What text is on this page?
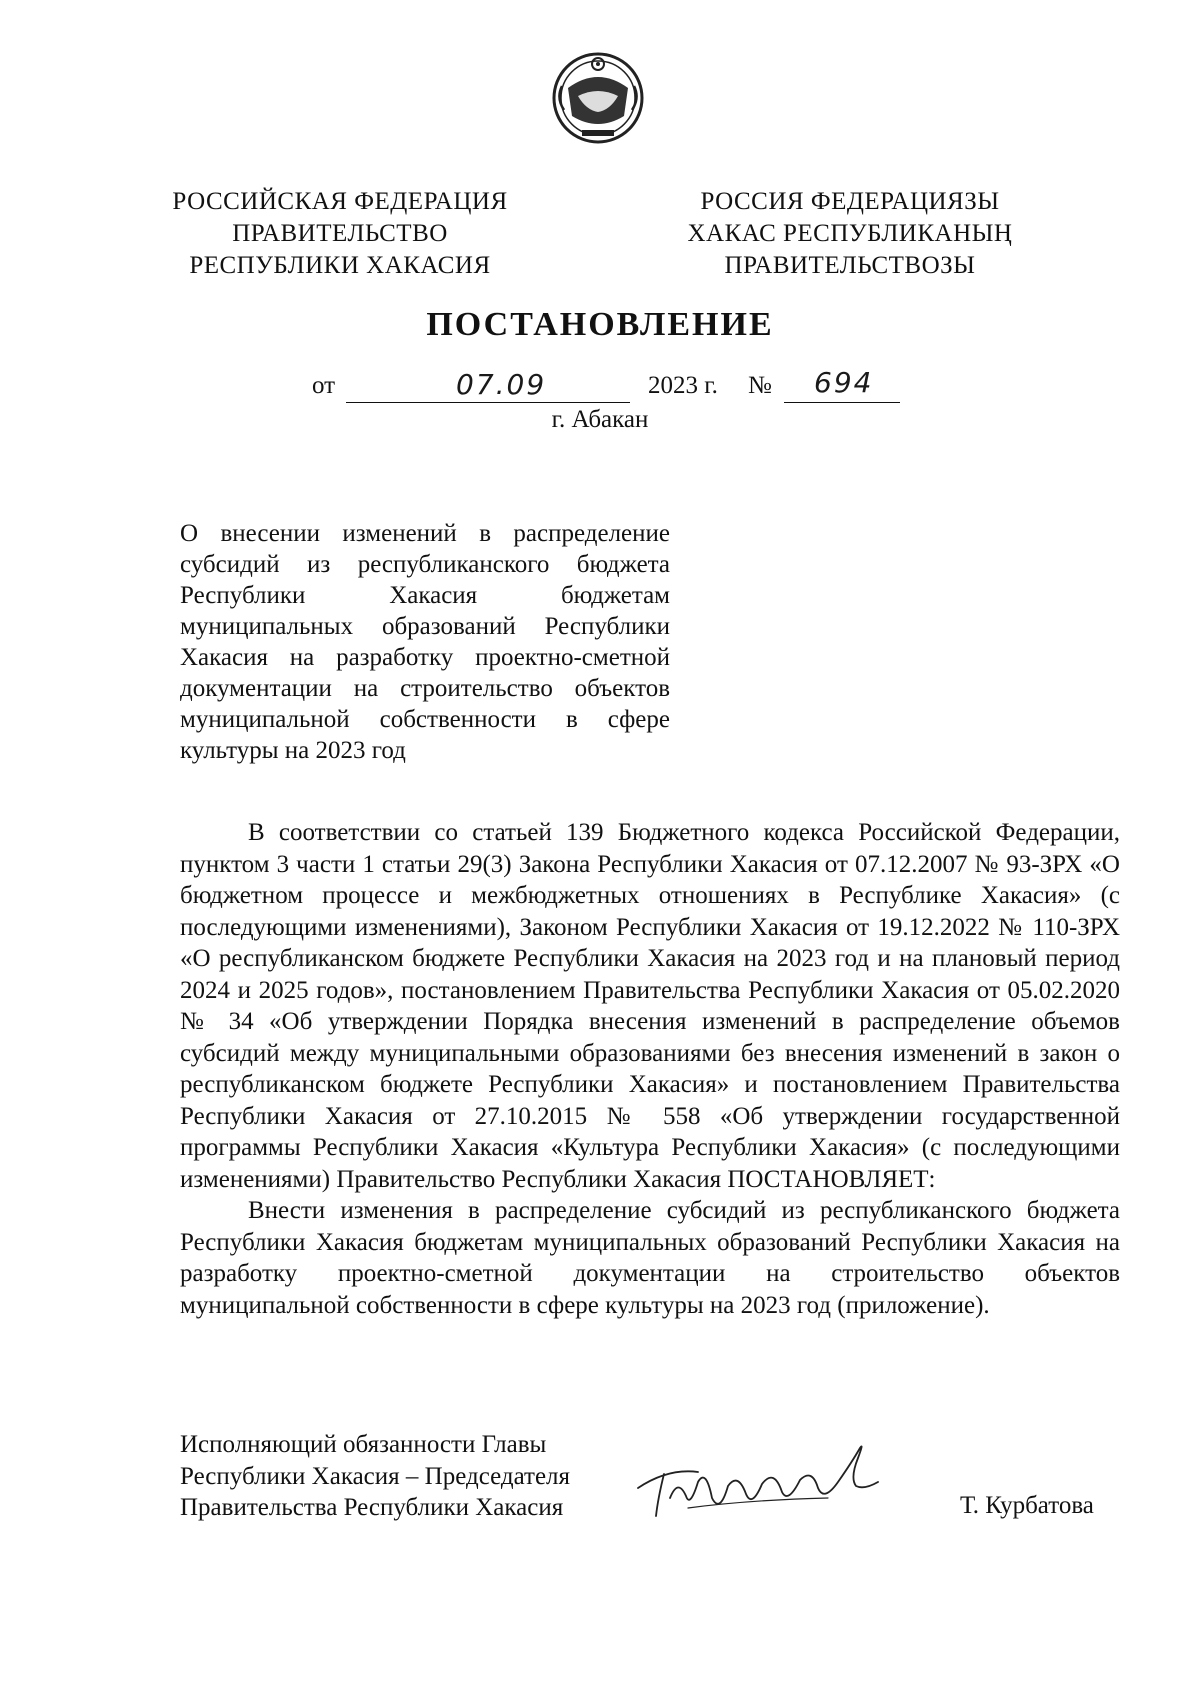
РОССИЙСКАЯ ФЕДЕРАЦИЯ
ПРАВИТЕЛЬСТВО
РЕСПУБЛИКИ ХАКАСИЯ
РОССИЯ ФЕДЕРАЦИЯЗЫ
ХАКАС РЕСПУБЛИКАНЫҢ
ПРАВИТЕЛЬСТВОЗЫ
ПОСТАНОВЛЕНИЕ
от	07.09	2023 г. № 694
г. Абакан
О внесении изменений в распределение субсидий из республиканского бюджета Республики Хакасия бюджетам муниципальных образований Республики Хакасия на разработку проектно-сметной документации на строительство объектов муниципальной собственности в сфере культуры на 2023 год

В соответствии со статьей 139 Бюджетного кодекса Российской Федерации, пунктом 3 части 1 статьи 29(3) Закона Республики Хакасия от 07.12.2007 № 93-ЗРХ «О бюджетном процессе и межбюджетных отношениях в Республике Хакасия» (с последующими изменениями), Законом Республики Хакасия от 19.12.2022 № 110-ЗРХ «О республиканском бюджете Республики Хакасия на 2023 год и на плановый период 2024 и 2025 годов», постановлением Правительства Республики Хакасия от 05.02.2020 № 34 «Об утверждении Порядка внесения изменений в распределение объемов субсидий между муниципальными образованиями без внесения изменений в закон о республиканском бюджете Республики Хакасия» и постановлением Правительства Республики Хакасия от 27.10.2015 № 558 «Об утверждении государственной программы Республики Хакасия «Культура Республики Хакасия» (с последующими изменениями) Правительство Республики Хакасия ПОСТАНОВЛЯЕТ:

Внести изменения в распределение субсидий из республиканского бюджета Республики Хакасия бюджетам муниципальных образований Республики Хакасия на разработку проектно-сметной документации на строительство объектов муниципальной собственности в сфере культуры на 2023 год (приложение).

Исполняющий обязанности Главы
Республики Хакасия – Председателя
Правительства Республики Хакасия	Т. Курбатова
